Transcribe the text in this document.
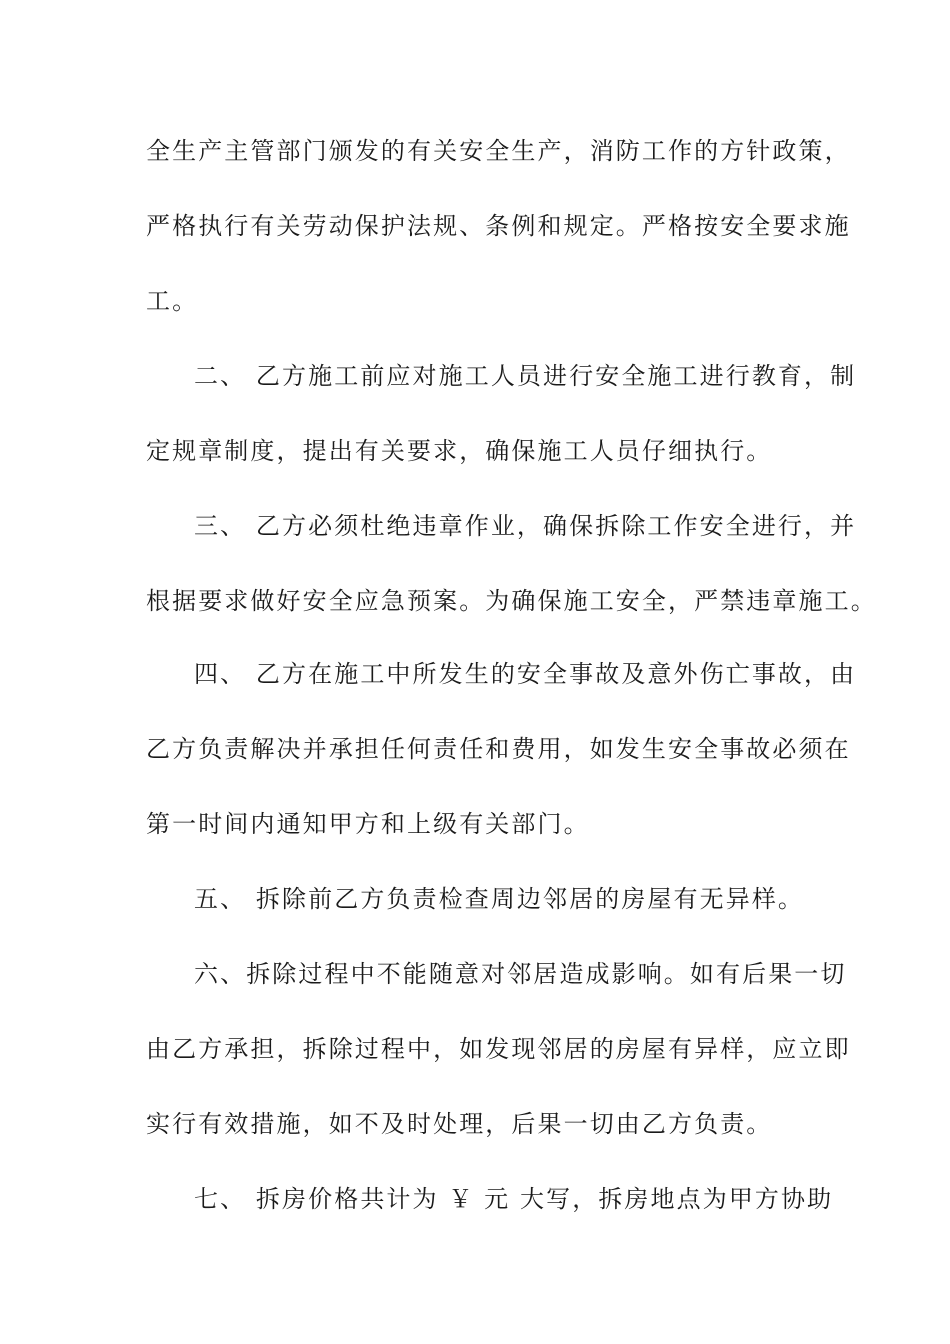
全生产主管部门颁发的有关安全生产，消防工作的方针政策，
严格执行有关劳动保护法规、条例和规定。严格按安全要求施
工。
二、 乙方施工前应对施工人员进行安全施工进行教育，制
定规章制度，提出有关要求，确保施工人员仔细执行。
三、 乙方必须杜绝违章作业，确保拆除工作安全进行，并
根据要求做好安全应急预案。为确保施工安全，严禁违章施工。
四、 乙方在施工中所发生的安全事故及意外伤亡事故，由
乙方负责解决并承担任何责任和费用，如发生安全事故必须在
第一时间内通知甲方和上级有关部门。
五、 拆除前乙方负责检查周边邻居的房屋有无异样。
六、拆除过程中不能随意对邻居造成影响。如有后果一切
由乙方承担，拆除过程中，如发现邻居的房屋有异样，应立即
实行有效措施，如不及时处理，后果一切由乙方负责。
七、 拆房价格共计为 ￥ 元 大写，拆房地点为甲方协助
